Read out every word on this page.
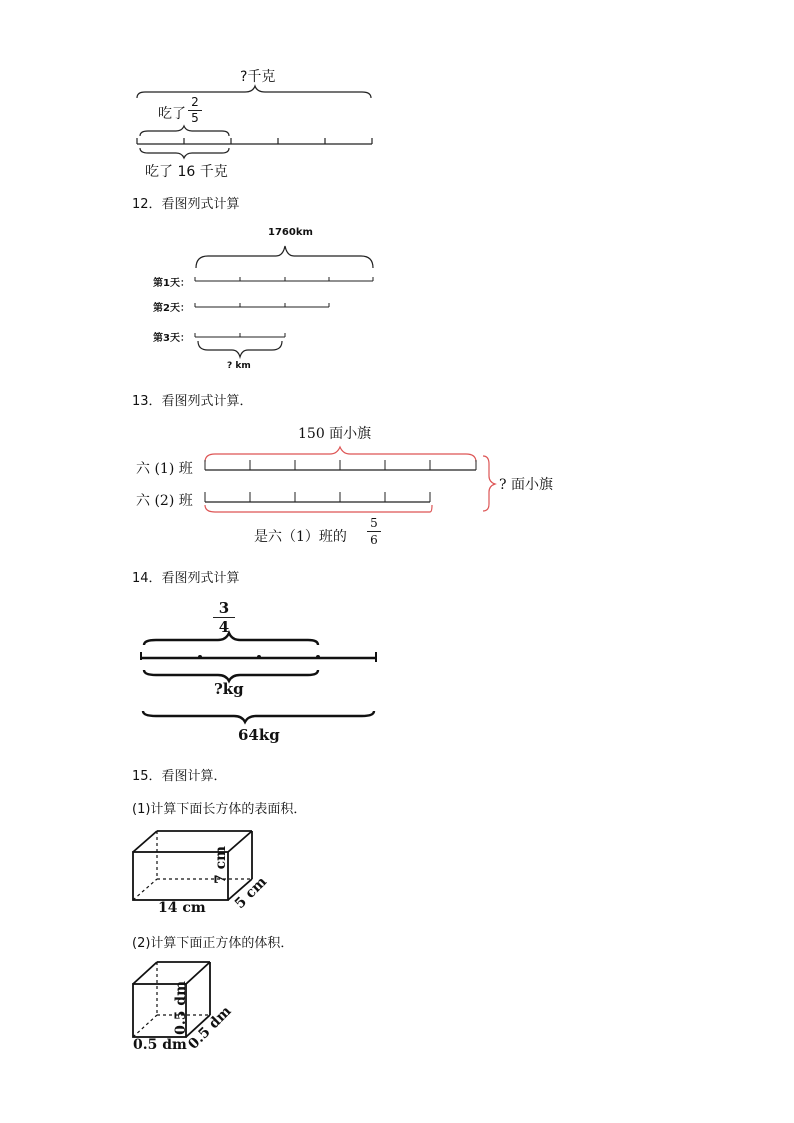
?千克
吃了
2
5
吃了 16 千克
12．看图列式计算
1760km
第1天：
第2天：
第3天：
? km
13．看图列式计算．
150 面小旗
六 (1) 班
六 (2) 班
? 面小旗
是六（1）班的
5
6
14．看图列式计算
3
4
?kg
64kg
15．看图计算．
(1)计算下面长方体的表面积．
7 cm
14 cm 5 cm
(2)计算下面正方体的体积．
0.5 dm
0.5 dm
0.5 dm
